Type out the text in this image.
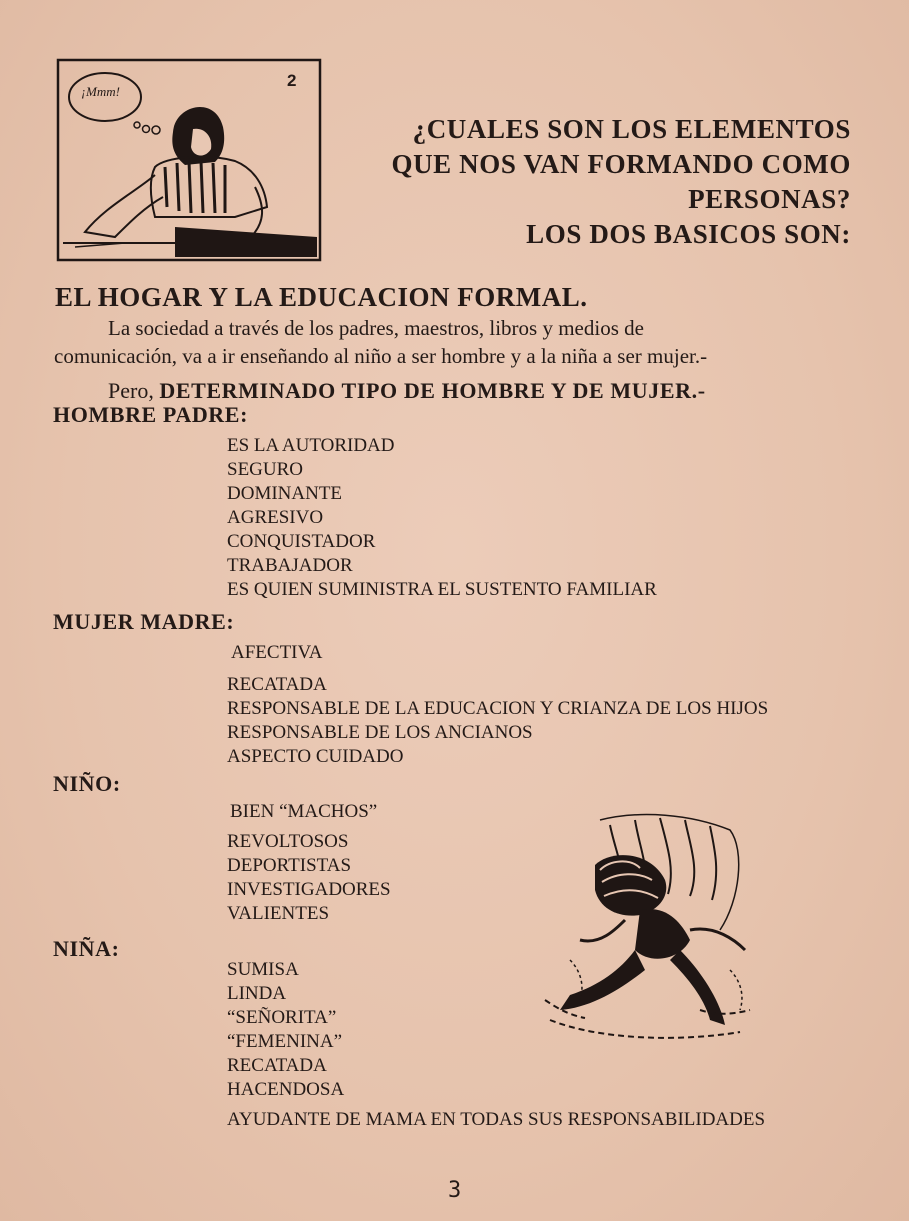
¡Mmm!
2
¿CUALES SON LOS ELEMENTOS
QUE NOS VAN FORMANDO COMO
PERSONAS?
LOS DOS BASICOS SON:
EL HOGAR Y LA EDUCACION FORMAL.
La sociedad a través de los padres, maestros, libros y medios de
comunicación, va a ir enseñando al niño a ser hombre y a la niña a ser mujer.-
Pero, DETERMINADO TIPO DE HOMBRE Y DE MUJER.-
HOMBRE PADRE:
ES LA AUTORIDAD
SEGURO
DOMINANTE
AGRESIVO
CONQUISTADOR
TRABAJADOR
ES QUIEN SUMINISTRA EL SUSTENTO FAMILIAR
MUJER MADRE:
AFECTIVA
RECATADA
RESPONSABLE DE LA EDUCACION Y CRIANZA DE LOS HIJOS
RESPONSABLE DE LOS ANCIANOS
ASPECTO CUIDADO
NIÑO:
BIEN “MACHOS”
REVOLTOSOS
DEPORTISTAS
INVESTIGADORES
VALIENTES
NIÑA:
SUMISA
LINDA
“SEÑORITA”
“FEMENINA”
RECATADA
HACENDOSA
AYUDANTE DE MAMA EN TODAS SUS RESPONSABILIDADES
3
